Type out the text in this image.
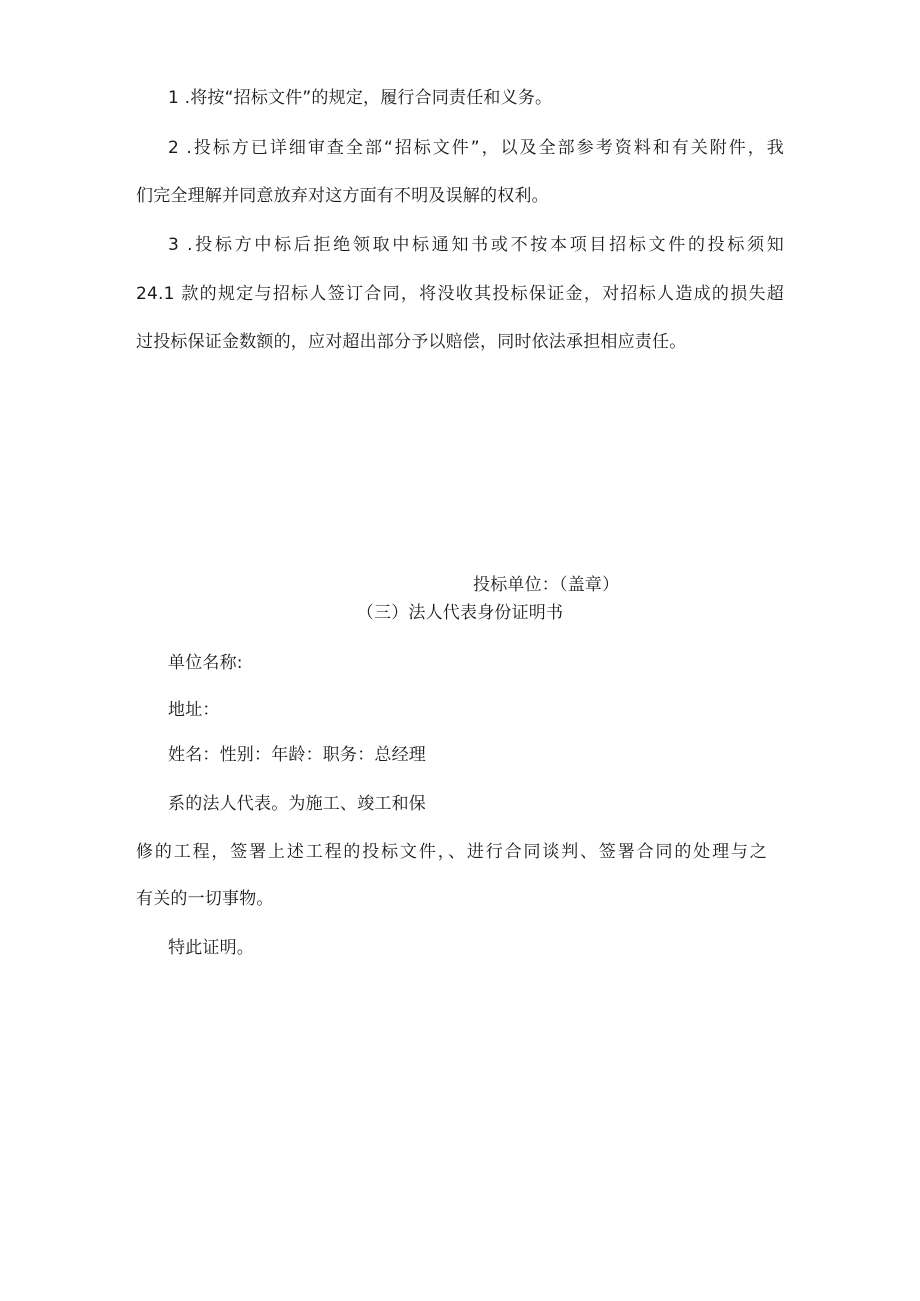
1 .将按“招标文件”的规定，履行合同责任和义务。
2 .投标方已详细审查全部“招标文件”，以及全部参考资料和有关附件，我
们完全理解并同意放弃对这方面有不明及误解的权利。
3 .投标方中标后拒绝领取中标通知书或不按本项目招标文件的投标须知
24.1 款的规定与招标人签订合同，将没收其投标保证金，对招标人造成的损失超
过投标保证金数额的，应对超出部分予以赔偿，同时依法承担相应责任。
投标单位：（盖章）
（三）法人代表身份证明书
单位名称:
地址：
姓名：性别：年龄：职务：总经理
系的法人代表。为施工、竣工和保
修的工程，签署上述工程的投标文件，、进行合同谈判、签署合同的处理与之
有关的一切事物。
特此证明。
